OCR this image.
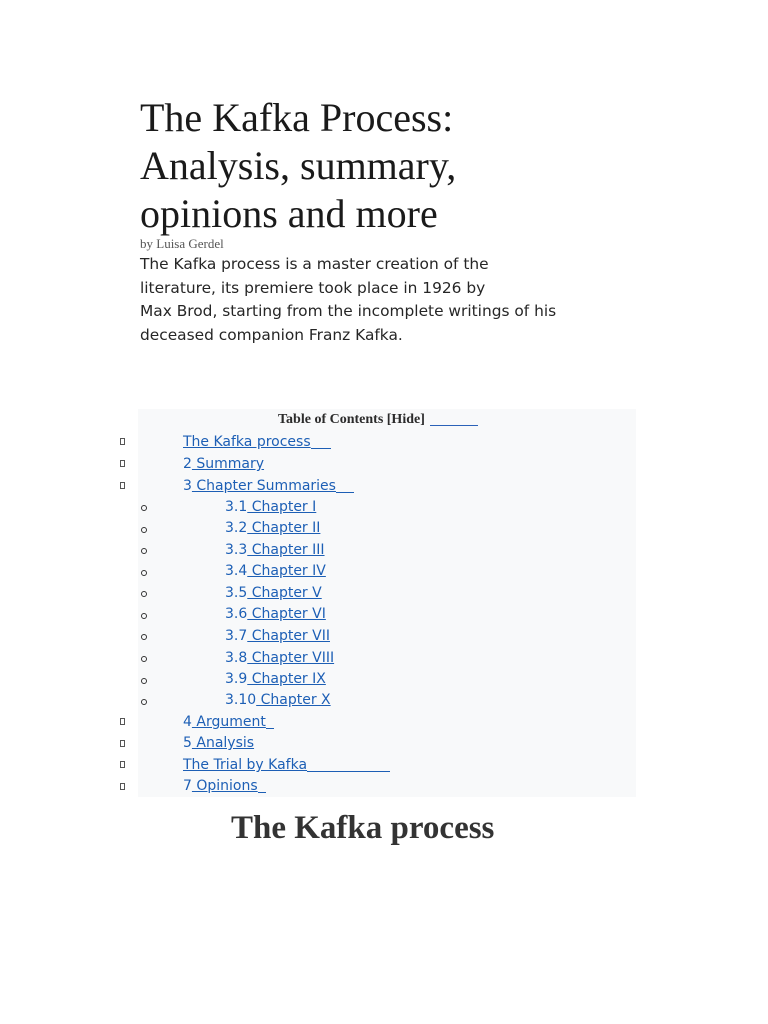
The Kafka Process:
Analysis, summary,
opinions and more
by Luisa Gerdel

The Kafka process is a master creation of the
literature, its premiere took place in 1926 by
Max Brod, starting from the incomplete writings of his
deceased companion Franz Kafka.

Table of Contents [Hide]
The Kafka process
2 Summary
3 Chapter Summaries
3.1 Chapter I
3.2 Chapter II
3.3 Chapter III
3.4 Chapter IV
3.5 Chapter V
3.6 Chapter VI
3.7 Chapter VII
3.8 Chapter VIII
3.9 Chapter IX
3.10 Chapter X
4 Argument
5 Analysis
The Trial by Kafka
7 Opinions
The Kafka process
